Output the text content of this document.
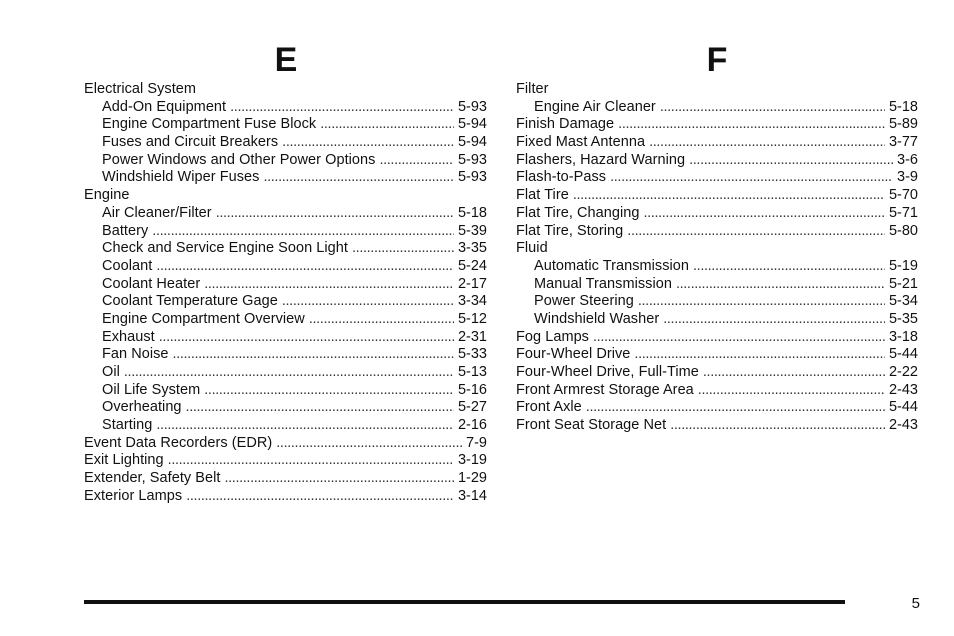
E	F
Electrical System
Add-On Equipment . . .	5-93
Engine Compartment Fuse Block . . .	5-94
Fuses and Circuit Breakers . . .	5-94
Power Windows and Other Power Options . . .	5-93
Windshield Wiper Fuses . . .	5-93
Engine
Air Cleaner/Filter . . .	5-18
Battery . . .	5-39
Check and Service Engine Soon Light . . .	3-35
Coolant . . .	5-24
Coolant Heater . . .	2-17
Coolant Temperature Gage . . .	3-34
Engine Compartment Overview . . .	5-12
Exhaust . . .	2-31
Fan Noise . . .	5-33
Oil . . .	5-13
Oil Life System . . .	5-16
Overheating . . .	5-27
Starting . . .	2-16
Event Data Recorders (EDR) . . .	7-9
Exit Lighting . . .	3-19
Extender, Safety Belt . . .	1-29
Exterior Lamps . . .	3-14
Filter
Engine Air Cleaner . . .	5-18
Finish Damage . . .	5-89
Fixed Mast Antenna . . .	3-77
Flashers, Hazard Warning . . .	3-6
Flash-to-Pass . . .	3-9
Flat Tire . . .	5-70
Flat Tire, Changing . . .	5-71
Flat Tire, Storing . . .	5-80
Fluid
Automatic Transmission . . .	5-19
Manual Transmission . . .	5-21
Power Steering . . .	5-34
Windshield Washer . . .	5-35
Fog Lamps . . .	3-18
Four-Wheel Drive . . .	5-44
Four-Wheel Drive, Full-Time . . .	2-22
Front Armrest Storage Area . . .	2-43
Front Axle . . .	5-44
Front Seat Storage Net . . .	2-43
5
